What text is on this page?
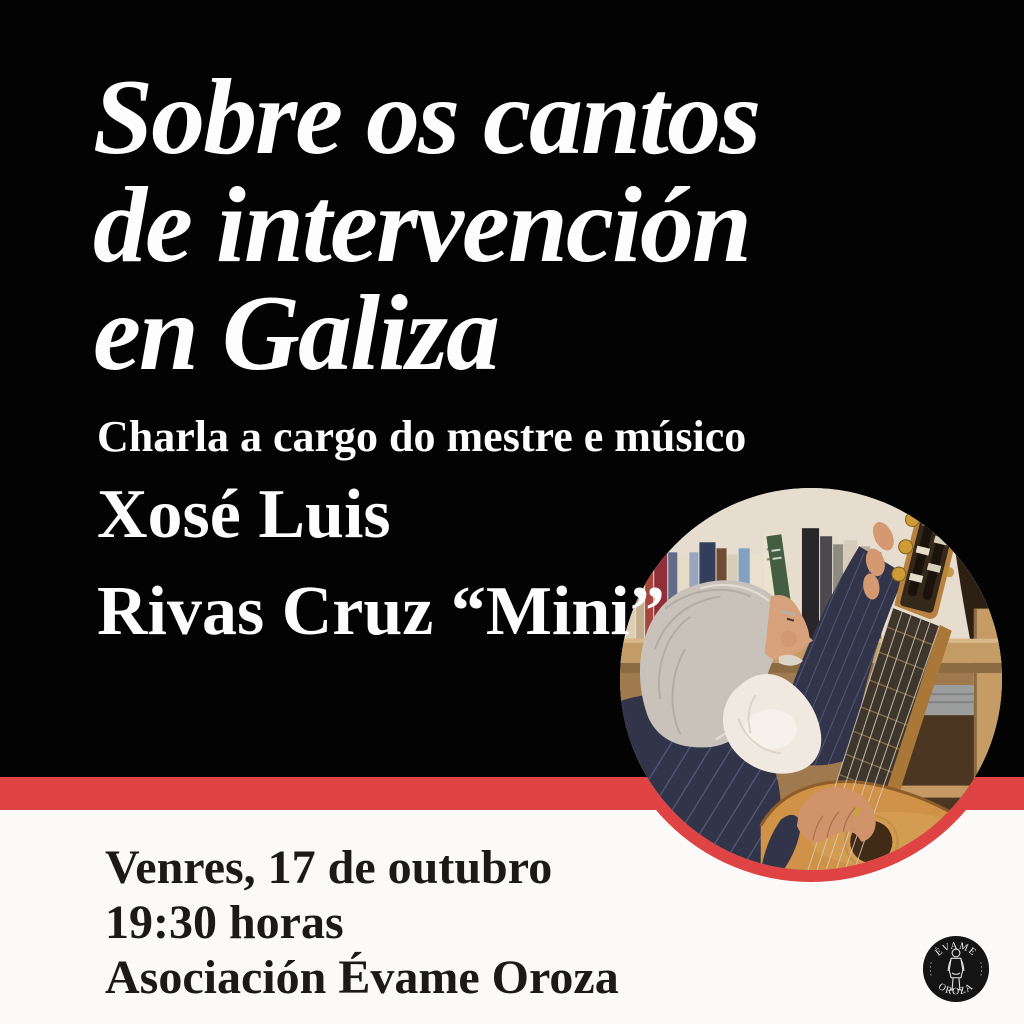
Sobre os cantos
de intervención
en Galiza
Charla a cargo do mestre e músico
Xosé Luis
Rivas Cruz “Mini”
Venres, 17 de outubro
19:30 horas
Asociación Évame Oroza	ÉVAME
OROZA
